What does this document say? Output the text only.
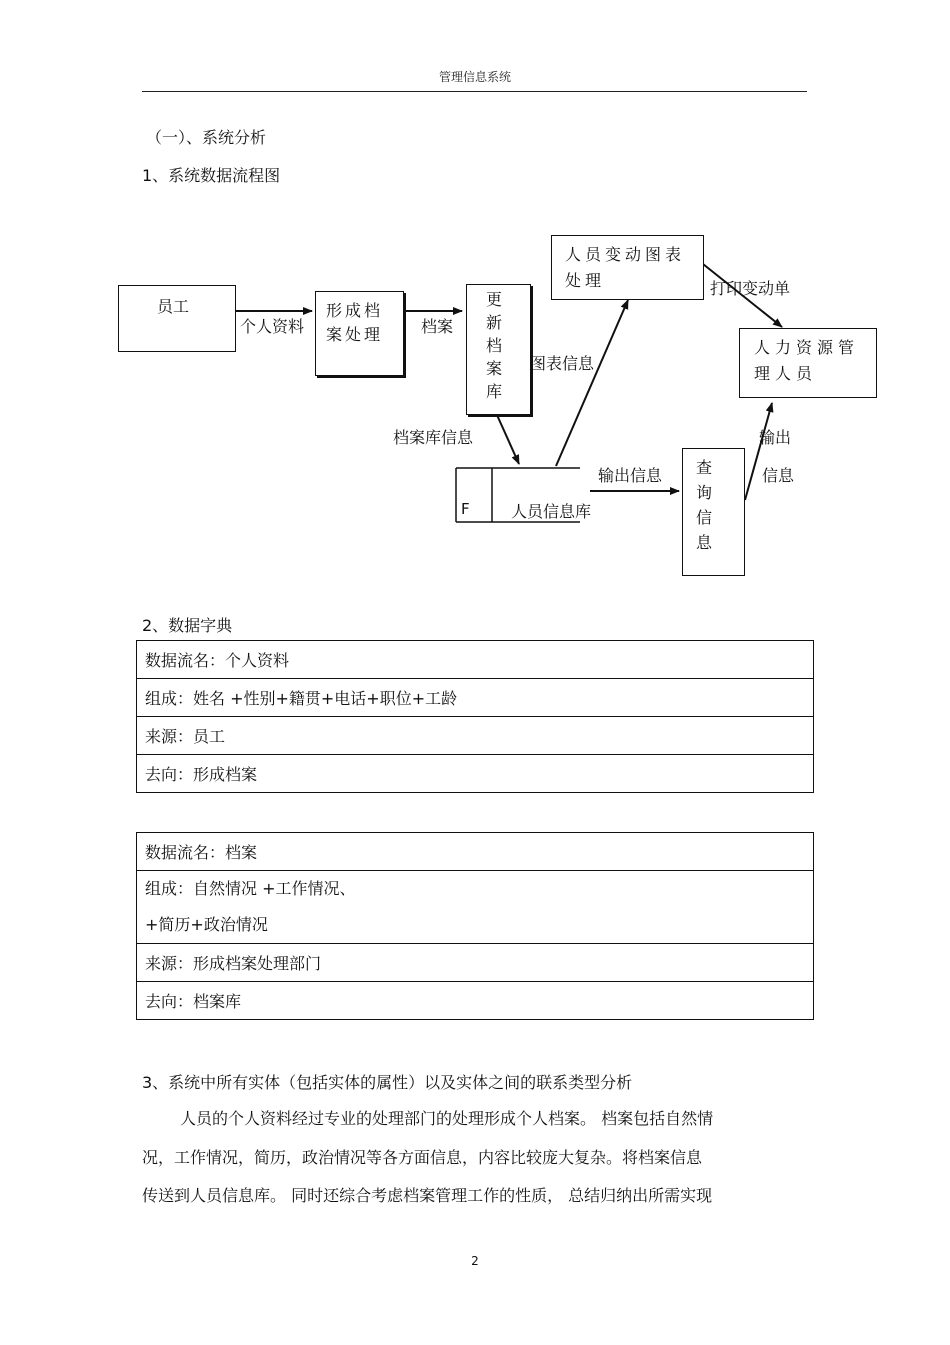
管理信息系统
（一）、系统分析
1、系统数据流程图
员工	形成档案处理
更新档案库
人员变动图表处理
人力资源管理人员
查询信息
F	人员信息库
个人资料	档案
图表信息
打印变动单
档案库信息
输出信息
输出
信息
2、数据字典
数据流名：个人资料
组成：姓名 +性别+籍贯+电话+职位+工龄
来源：员工
去向：形成档案
数据流名：档案
组成：自然情况 +工作情况、
+简历+政治情况
来源：形成档案处理部门
去向：档案库
3、系统中所有实体（包括实体的属性）以及实体之间的联系类型分析
人员的个人资料经过专业的处理部门的处理形成个人档案。 档案包括自然情
况，工作情况，简历，政治情况等各方面信息，内容比较庞大复杂。将档案信息
传送到人员信息库。 同时还综合考虑档案管理工作的性质， 总结归纳出所需实现
2
